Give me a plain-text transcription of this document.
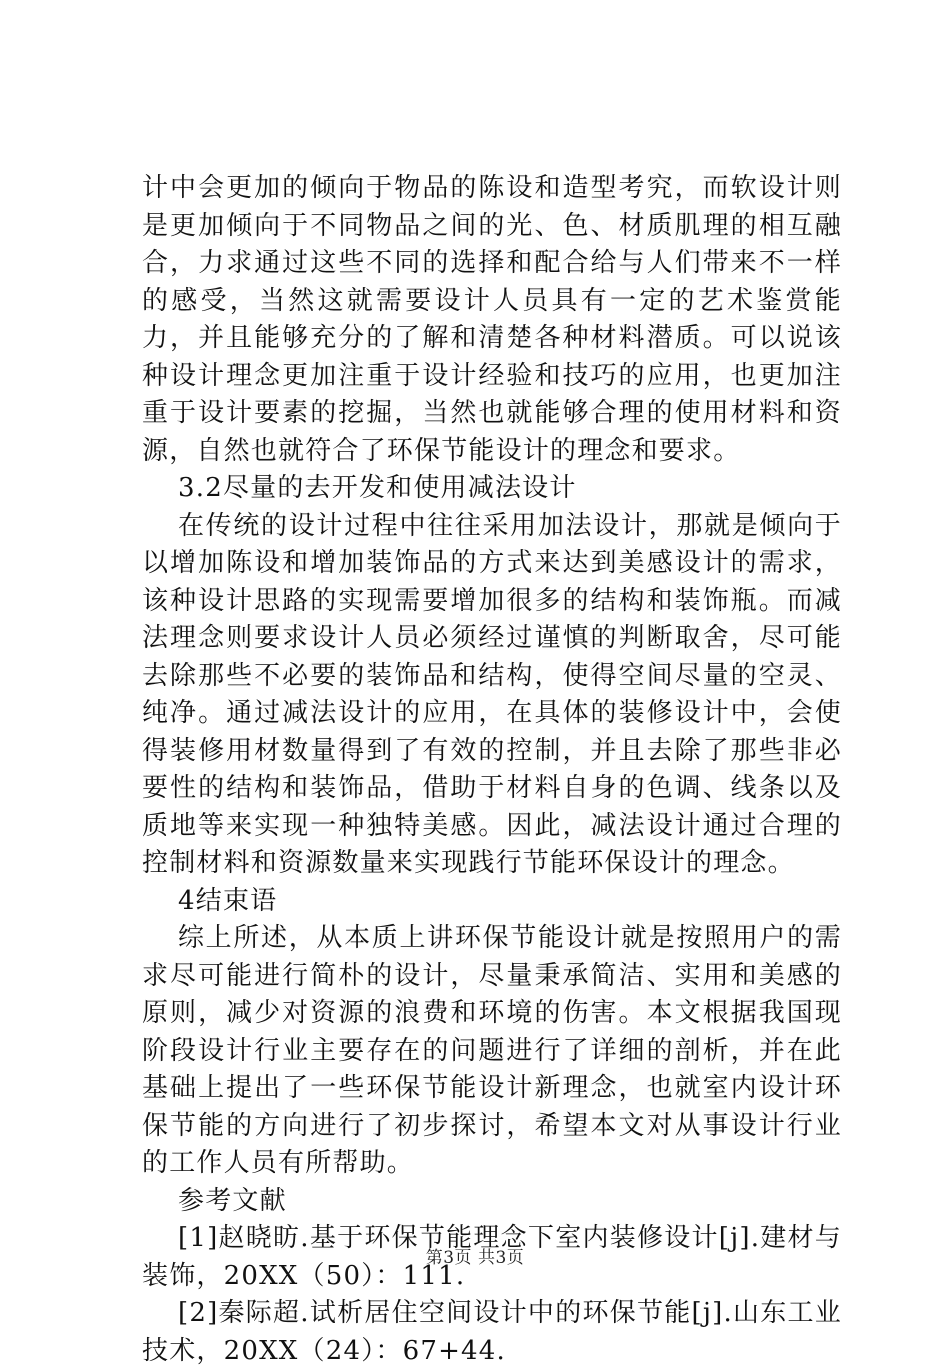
计中会更加的倾向于物品的陈设和造型考究，而软设计则是更加倾向于不同物品之间的光、色、材质肌理的相互融合，力求通过这些不同的选择和配合给与人们带来不一样的感受，当然这就需要设计人员具有一定的艺术鉴赏能力，并且能够充分的了解和清楚各种材料潜质。可以说该种设计理念更加注重于设计经验和技巧的应用，也更加注重于设计要素的挖掘，当然也就能够合理的使用材料和资源，自然也就符合了环保节能设计的理念和要求。

3.2尽量的去开发和使用减法设计

在传统的设计过程中往往采用加法设计，那就是倾向于以增加陈设和增加装饰品的方式来达到美感设计的需求，该种设计思路的实现需要增加很多的结构和装饰瓶。而减法理念则要求设计人员必须经过谨慎的判断取舍，尽可能去除那些不必要的装饰品和结构，使得空间尽量的空灵、纯净。通过减法设计的应用，在具体的装修设计中，会使得装修用材数量得到了有效的控制，并且去除了那些非必要性的结构和装饰品，借助于材料自身的色调、线条以及质地等来实现一种独特美感。因此，减法设计通过合理的控制材料和资源数量来实现践行节能环保设计的理念。

4结束语

综上所述，从本质上讲环保节能设计就是按照用户的需求尽可能进行简朴的设计，尽量秉承简洁、实用和美感的原则，减少对资源的浪费和环境的伤害。本文根据我国现阶段设计行业主要存在的问题进行了详细的剖析，并在此基础上提出了一些环保节能设计新理念，也就室内设计环保节能的方向进行了初步探讨，希望本文对从事设计行业的工作人员有所帮助。

参考文献

[1]赵晓昉.基于环保节能理念下室内装修设计[j].建材与装饰，20XX（50）：111.

[2]秦际超.试析居住空间设计中的环保节能[j].山东工业技术，20XX（24）：67+44.

第3页 共3页
